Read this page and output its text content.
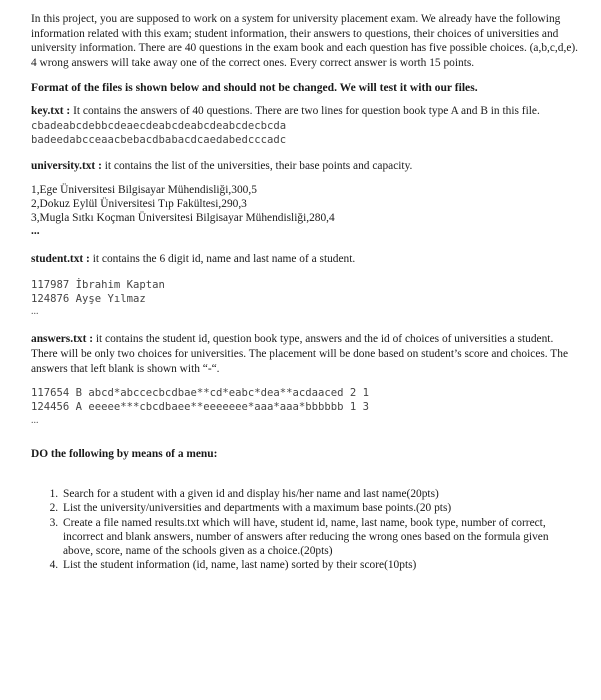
In this project, you are supposed to work on a system for university placement exam. We already have the following information related with this exam; student information, their answers to questions, their choices of universities and university information. There are 40 questions in the exam book and each question has five possible choices. (a,b,c,d,e). 4 wrong answers will take away one of the correct ones. Every correct answer is worth 15 points.

Format of the files is shown below and should not be changed. We will test it with our files.

key.txt : It contains the answers of 40 questions. There are two lines for question book type A and B in this file.

cbadeabcdebbcdeaecdeabcdeabcdeabcdecbcda
badeedabcceaacbebacdbabacdcaedabedcccadc

university.txt : it contains the list of the universities, their base points and capacity.

1,Ege Üniversitesi Bilgisayar Mühendisliği,300,5
2,Dokuz Eylül Üniversitesi Tıp Fakültesi,290,3
3,Mugla Sıtkı Koçman Üniversitesi Bilgisayar Mühendisliği,280,4
...

student.txt : it contains the 6 digit id, name and last name of a student.

117987 İbrahim Kaptan
124876 Ayşe Yılmaz
...

answers.txt : it contains the student id, question book type, answers and the id of choices of universities a student. There will be only two choices for universities. The placement will be done based on student’s score and choices. The answers that left blank is shown with “-“.

117654 B abcd*abccecbcdbae**cd*eabc*dea**acdaaced 2 1
124456 A eeeee***cbcdbaee**eeeeeee*aaa*aaa*bbbbbb 1 3
...

DO the following by means of a menu:

1. Search for a student with a given id and display his/her name and last name(20pts)
2. List the university/universities and departments with a maximum base points.(20 pts)
3. Create a file named results.txt which will have, student id, name, last name, book type, number of correct, incorrect and blank answers, number of answers after reducing the wrong ones based on the formula given above, score, name of the schools given as a choice.(20pts)
4. List the student information (id, name, last name) sorted by their score(10pts)
